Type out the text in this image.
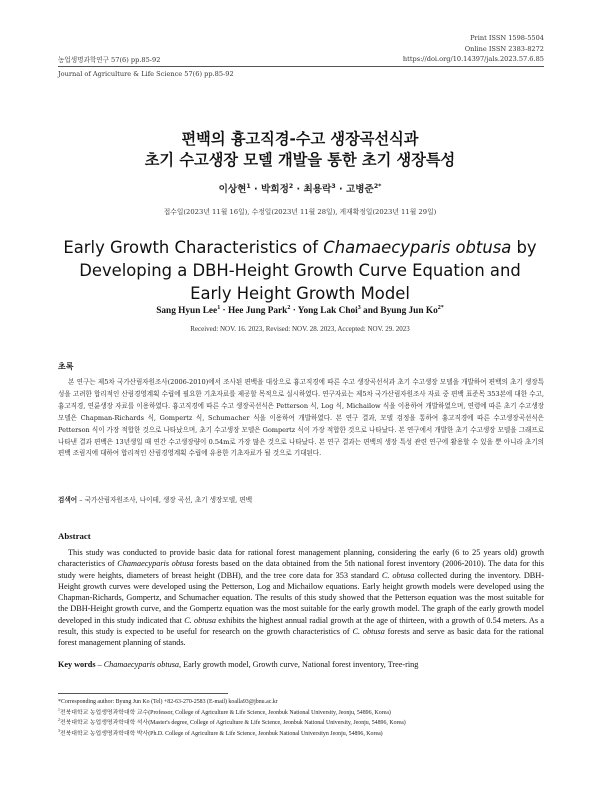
Print ISSN 1598-5504
Online ISSN 2383-8272
https://doi.org/10.14397/jals.2023.57.6.85
농업생명과학연구 57(6) pp.85-92
Journal of Agriculture & Life Science 57(6) pp.85-92
편백의 흉고직경-수고 생장곡선식과
초기 수고생장 모델 개발을 통한 초기 생장특성
이상현$^1$ · 박희정$^2$ · 최용락$^3$ · 고병준$^{2*}$
접수일(2023년 11월 16일), 수정일(2023년 11월 28일), 게재확정일(2023년 11월 29일)
Early Growth Characteristics of Chamaecyparis obtusa by
Developing a DBH-Height Growth Curve Equation and
Early Height Growth Model
Sang Hyun Lee$^1$ · Hee Jung Park$^2$ · Yong Lak Choi$^3$ and Byung Jun $Ko^{2*}$
Received: NOV. 16. 2023, Revised: NOV. 28. 2023, Accepted: NOV. 29. 2023
초록
본 연구는 제5차 국가산림자원조사(2006-2010)에서 조사된 편백을 대상으로 흉고직경에 따른 수고 생장곡선식과 초기 수고생장 모델을 개발하여 편백의 초기 생장특성을 고려한 합리적인 산림경영계획 수립에 필요한 기초자료를 제공할 목적으로 실시하였다. 연구자료는 제5차 국가산림자원조사 자료 중 편백 표준목 353본에 대한 수고, 흉고직경, 연륜생장 자료를 이용하였다. 흉고직경에 따른 수고 생장곡선식은 Petterson 식, Log 식, Michailow 식을 이용하여 개발하였으며, 연령에 따른 초기 수고생장 모델은 Chapman-Richards 식, Gompertz 식, Schumacher 식을 이용하여 개발하였다. 본 연구 결과, 모델 검정을 통하여 흉고직경에 따른 수고생장곡선식은 Petterson 식이 가장 적합한 것으로 나타났으며, 초기 수고생장 모델은 Gompertz 식이 가장 적합한 것으로 나타났다. 본 연구에서 개발한 초기 수고생장 모델을 그래프로 나타낸 결과 편백은 13년생일 때 연간 수고생장량이 0.54m로 가장 많은 것으로 나타났다. 본 연구 결과는 편백의 생장 특성 관련 연구에 활용할 수 있을 뿐 아니라 초기의 편백 조림지에 대하여 합리적인 산림경영계획 수립에 유용한 기초자료가 될 것으로 기대된다.
검색어 – 국가산림자원조사, 나이테, 생장 곡선, 초기 생장모델, 편백
Abstract
This study was conducted to provide basic data for rational forest management planning, considering the early (6 to 25 years old) growth characteristics of Chamaecyparis obtusa forests based on the data obtained from the 5th national forest inventory (2006-2010). The data for this study were heights, diameters of breast height (DBH), and the tree core data for 353 standard C. obtusa collected during the inventory. DBH-Height growth curves were developed using the Petterson, Log and Michailow equations. Early height growth models were developed using the Chapman-Richards, Gompertz, and Schumacher equation. The results of this study showed that the Petterson equation was the most suitable for the DBH-Height growth curve, and the Gompertz equation was the most suitable for the early growth model. The graph of the early growth model developed in this study indicated that C. obtusa exhibits the highest annual radial growth at the age of thirteen, with a growth of 0.54 meters. As a result, this study is expected to be useful for research on the growth characteristics of C. obtusa forests and serve as basic data for the rational forest management planning of stands.
Key words – Chamaecyparis obtusa, Early growth model, Growth curve, National forest inventory, Tree-ring
*Corresponding author: Byung Jun Ko (Tel) +82-63-270-2583 (E-mail) koalla93@jbnu.ac.kr
$^1$전북대학교 농업생명과학대학 교수(Professor, College of Agriculture & Life Science, Jeonbuk National University, Jeonju, 54896, Korea)
$^2$전북대학교 농업생명과학대학 석사(Master's degree, College of Agriculture & Life Science, Jeonbuk National University, Jeonju, 54896, Korea)
$^3$전북대학교 농업생명과학대학 박사(Ph.D. College of Agriculture & Life Science, Jeonbuk National Universityn Jeonju, 54896, Korea)
